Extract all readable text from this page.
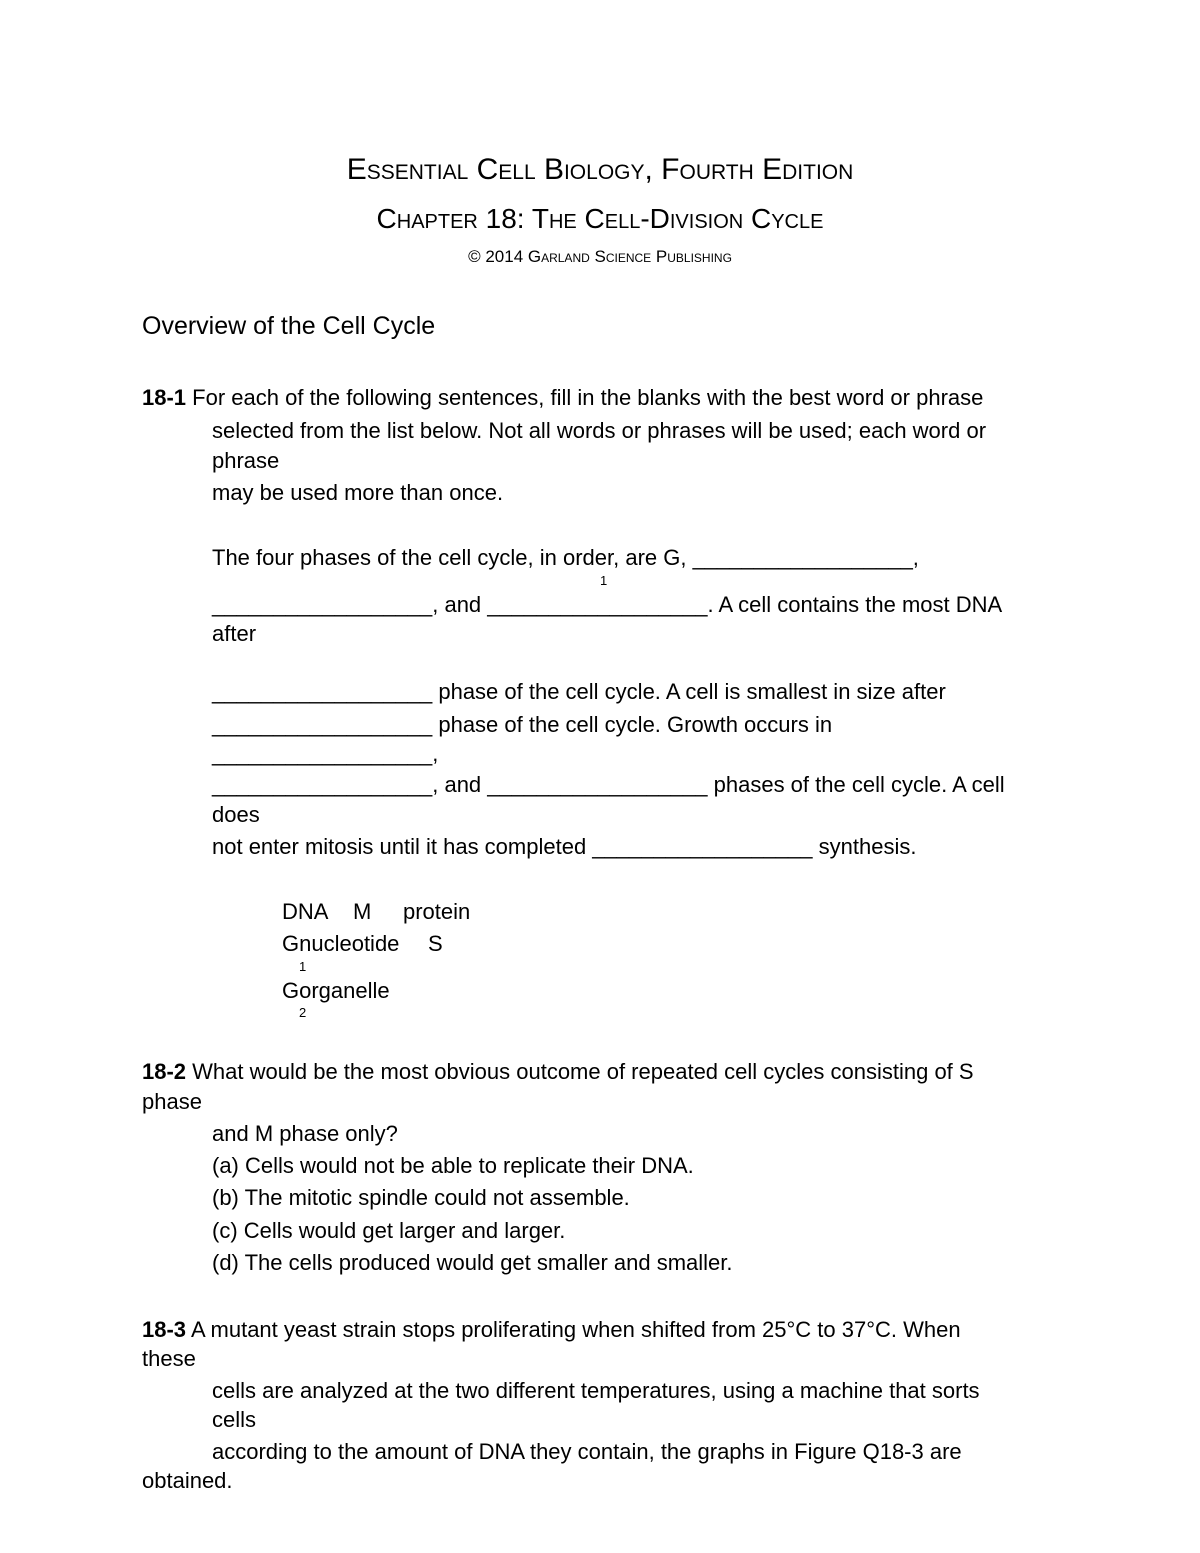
Essential Cell Biology, Fourth Edition
Chapter 18: The Cell-Division Cycle
© 2014 Garland Science Publishing
Overview of the Cell Cycle
18-1 For each of the following sentences, fill in the blanks with the best word or phrase
selected from the list below. Not all words or phrases will be used; each word or
phrase
may be used more than once.
The four phases of the cell cycle, in order, are G, __________________,
1
__________________, and __________________. A cell contains the most DNA
after
__________________ phase of the cell cycle. A cell is smallest in size after
__________________ phase of the cell cycle. Growth occurs in
__________________,
__________________, and __________________ phases of the cell cycle. A cell
does
not enter mitosis until it has completed __________________ synthesis.
DNA M protein
Gnucleotide S
1
Gorganelle
2
18-2 What would be the most obvious outcome of repeated cell cycles consisting of S
phase
and M phase only?
(a) Cells would not be able to replicate their DNA.
(b) The mitotic spindle could not assemble.
(c) Cells would get larger and larger.
(d) The cells produced would get smaller and smaller.
18-3 A mutant yeast strain stops proliferating when shifted from 25°C to 37°C. When
these
cells are analyzed at the two different temperatures, using a machine that sorts
cells
according to the amount of DNA they contain, the graphs in Figure Q18-3 are
obtained.
